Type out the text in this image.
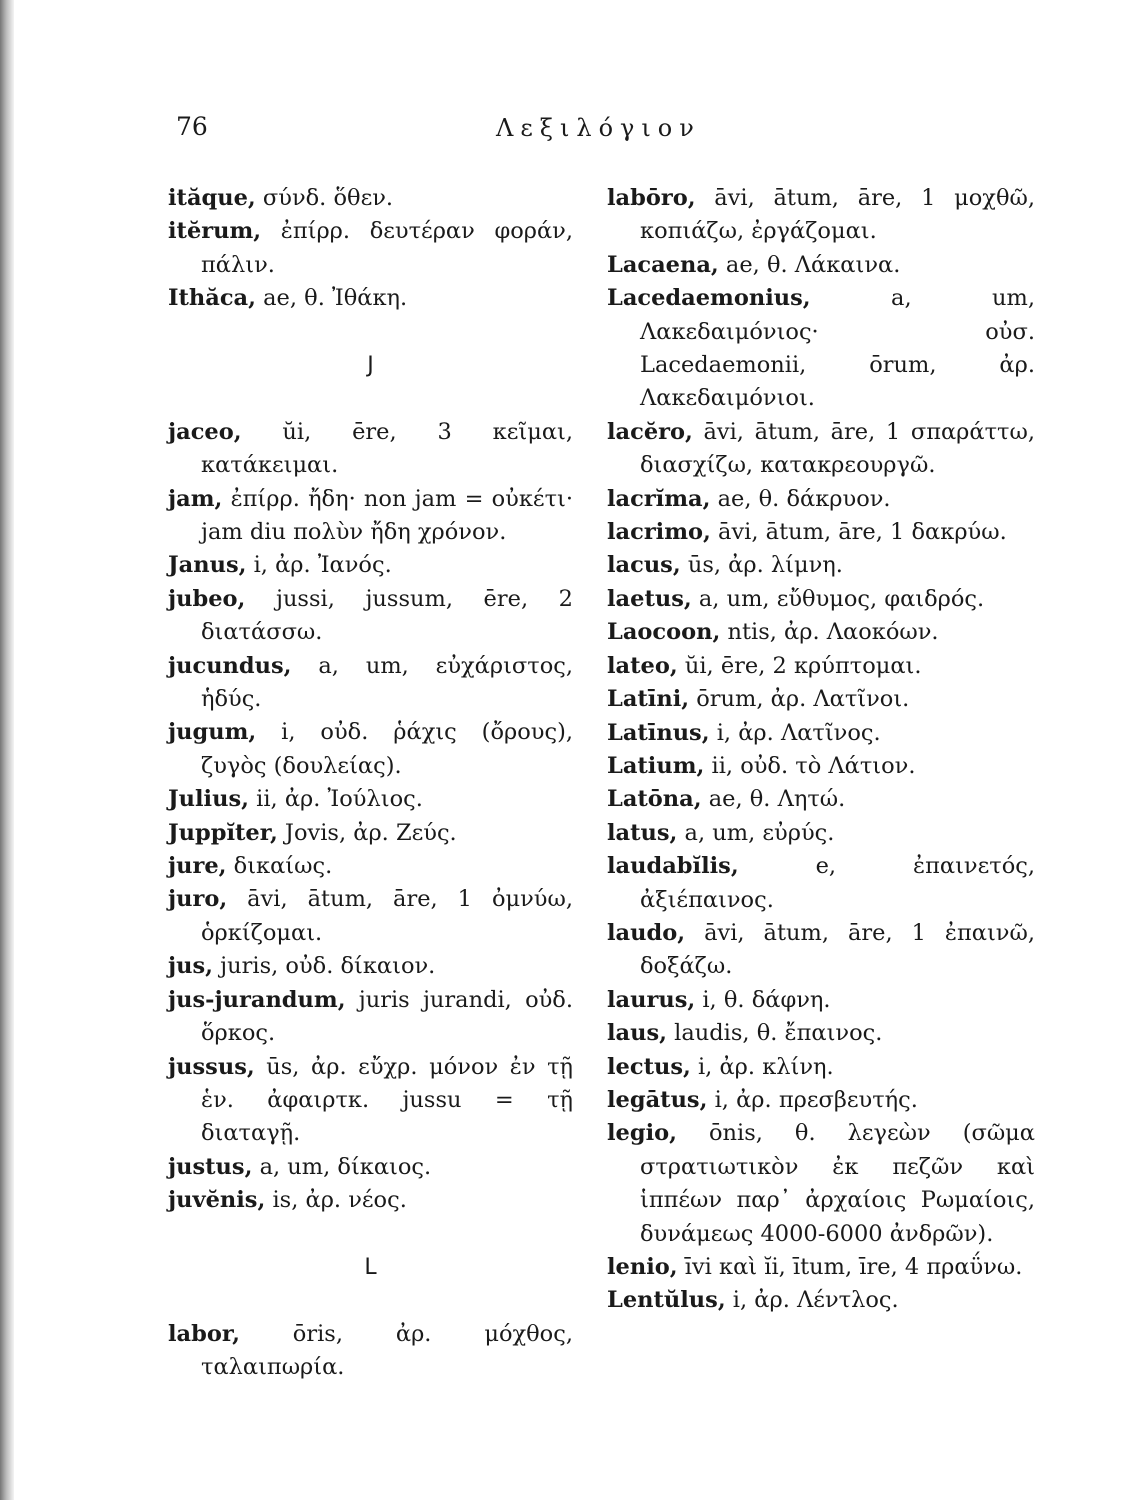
76	Λεξιλόγιον
ităque, σύνδ. ὅθεν.
itĕrum, ἐπίρρ. δευτέραν φοράν, πάλιν.
Ithăca, ae, θ. Ἰθάκη.
J
jaceo, ŭi, ēre, 3 κεῖμαι, κατάκειμαι.
jam, ἐπίρρ. ἤδη· non jam = οὐκέτι· jam diu πολὺν ἤδη χρόνον.
Janus, i, ἀρ. Ἰανός.
jubeo, jussi, jussum, ēre, 2 διατάσσω.
jucundus, a, um, εὐχάριστος, ἡδύς.
jugum, i, οὐδ. ῥάχις (ὄρους), ζυγὸς (δουλείας).
Julius, ii, ἀρ. Ἰούλιος.
Juppĭter, Jovis, ἀρ. Ζεύς.
jure, δικαίως.
juro, āvi, ātum, āre, 1 ὀμνύω, ὁρκίζομαι.
jus, juris, οὐδ. δίκαιον.
jus-jurandum, juris jurandi, οὐδ. ὅρκος.
jussus, ūs, ἀρ. εὔχρ. μόνον ἐν τῇ ἑν. ἀφαιρτκ. jussu = τῇ διαταγῇ.
justus, a, um, δίκαιος.
juvĕnis, is, ἀρ. νέος.
L
labor, ōris, ἀρ. μόχθος, ταλαιπωρία.
labōro, āvi, ātum, āre, 1 μοχθῶ, κοπιάζω, ἐργάζομαι.
Lacaena, ae, θ. Λάκαινα.
Lacedaemonius, a, um, Λακεδαιμόνιος· οὐσ. Lacedaemonii, ōrum, ἀρ. Λακεδαιμόνιοι.
lacĕro, āvi, ātum, āre, 1 σπαράττω, διασχίζω, κατακρεουργῶ.
lacrĭma, ae, θ. δάκρυον.
lacrimo, āvi, ātum, āre, 1 δακρύω.
lacus, ūs, ἀρ. λίμνη.
laetus, a, um, εὔθυμος, φαιδρός.
Laocoon, ntis, ἀρ. Λαοκόων.
lateo, ŭi, ēre, 2 κρύπτομαι.
Latīni, ōrum, ἀρ. Λατῖνοι.
Latīnus, i, ἀρ. Λατῖνος.
Latium, ii, οὐδ. τὸ Λάτιον.
Latōna, ae, θ. Λητώ.
latus, a, um, εὐρύς.
laudabĭlis, e, ἐπαινετός, ἀξιέπαινος.
laudo, āvi, ātum, āre, 1 ἐπαινῶ, δοξάζω.
laurus, i, θ. δάφνη.
laus, laudis, θ. ἔπαινος.
lectus, i, ἀρ. κλίνη.
legātus, i, ἀρ. πρεσβευτής.
legio, ōnis, θ. λεγεὼν (σῶμα στρατιωτικὸν ἐκ πεζῶν καὶ ἱππέων παρ᾽ ἀρχαίοις Ρωμαίοις, δυνάμεως 4000-6000 ἀνδρῶν).
lenio, īvi καὶ ĭi, ītum, īre, 4 πραΰνω.
Lentŭlus, i, ἀρ. Λέντλος.
